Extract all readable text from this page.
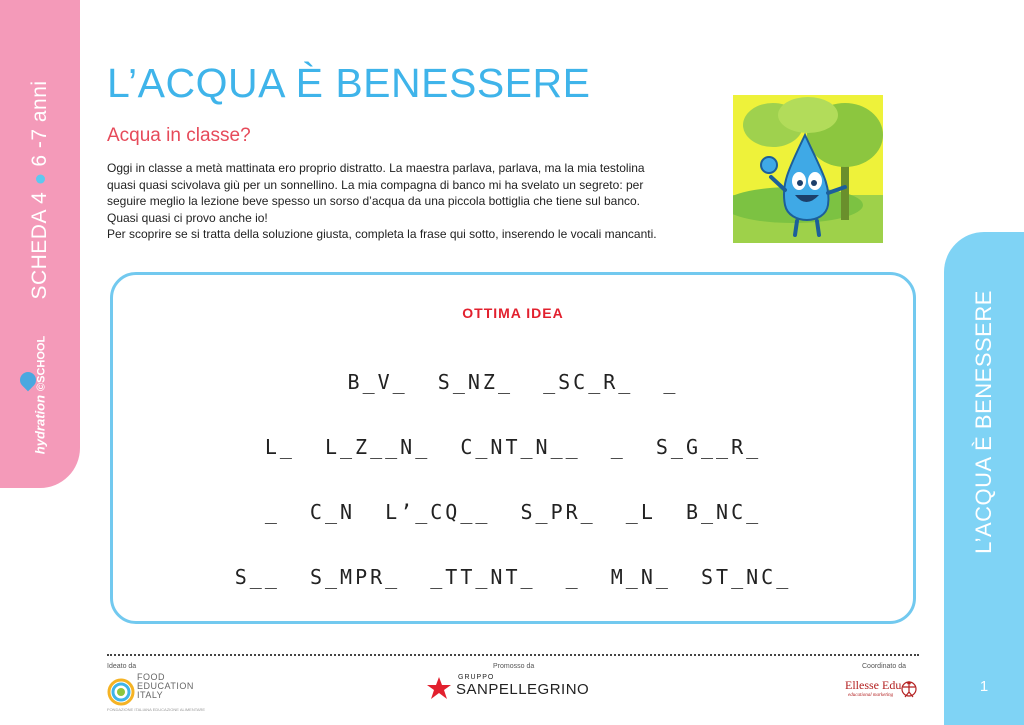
SCHEDA 46 -7 anni
hydration©SCHOOL	L’ACQUA È BENESSERE
1
L’ACQUA È BENESSERE
Acqua in classe?

Oggi in classe a metà mattinata ero proprio distratto. La maestra parlava, parlava, ma la mia testolina

quasi quasi scivolava giù per un sonnellino. La mia compagna di banco mi ha svelato un segreto: per

seguire meglio la lezione beve spesso un sorso d’acqua da una piccola bottiglia che tiene sul banco.

Quasi quasi ci provo anche io!

Per scoprire se si tratta della soluzione giusta, completa la frase qui sotto, inserendo le vocali mancanti.

OTTIMA IDEA
B_V_  S_NZ_  _SC_R_  _
L_  L_Z__N_  C_NT_N__  _  S_G__R_
_  C_N  L’_CQ__  S_PR_  _L  B_NC_
S__  S_MPR_  _TT_NT_  _  M_N_  ST_NC_
Ideato da	Promosso da	Coordinato da
FOOD
EDUCATION
ITALY
FONDAZIONE ITALIANA EDUCAZIONE ALIMENTARE
GRUPPO
SANPELLEGRINO	Ellesse Edu
educational marketing
